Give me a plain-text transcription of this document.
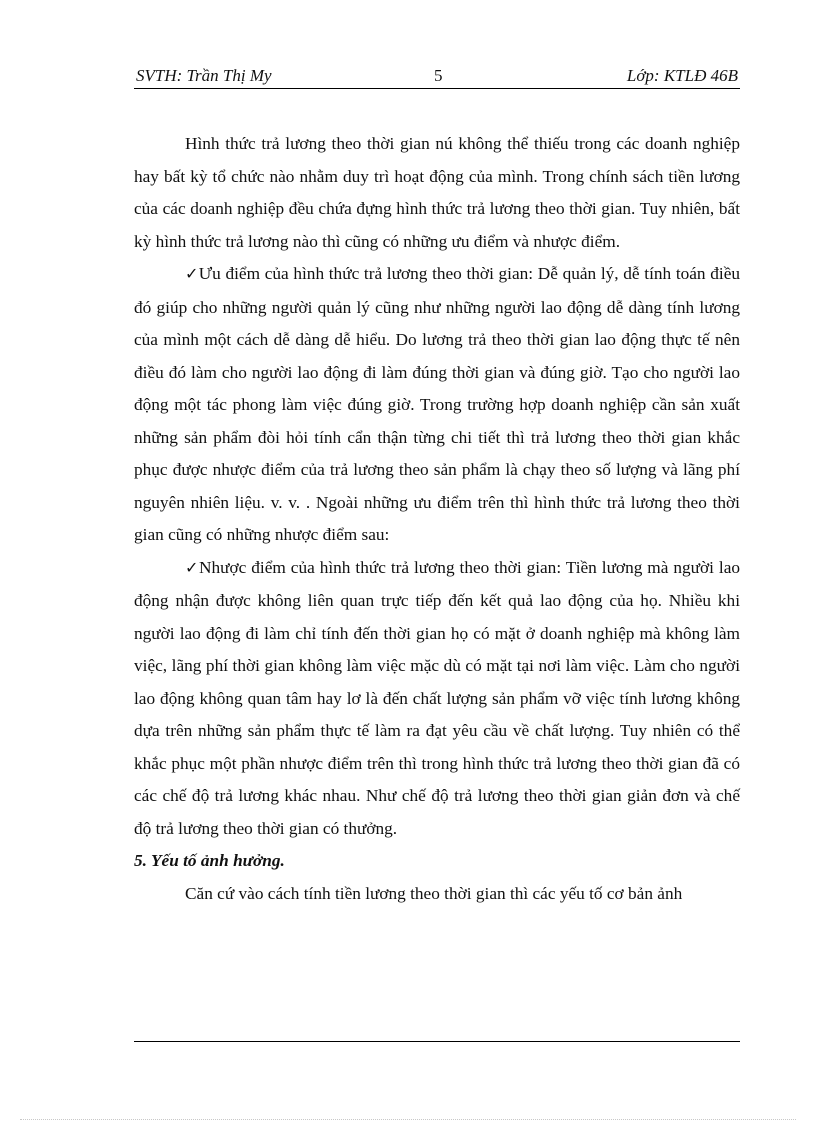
SVTH: Trần Thị My	5	Lớp: KTLĐ 46B

Hình thức trả lương theo thời gian nú không thể thiếu trong các doanh nghiệp hay bất kỳ tổ chức nào nhằm duy trì hoạt động của mình. Trong chính sách tiền lương của các doanh nghiệp đều chứa đựng hình thức trả lương theo thời gian. Tuy nhiên, bất kỳ hình thức trả lương nào thì cũng có những ưu điểm và nhược điểm.

✓Ưu điểm của hình thức trả lương theo thời gian: Dễ quản lý, dễ tính toán điều đó giúp cho những người quản lý cũng như những người lao động dễ dàng tính lương của mình một cách dễ dàng dễ hiểu. Do lương trả theo thời gian lao động thực tế nên điều đó làm cho người lao động đi làm đúng thời gian và đúng giờ. Tạo cho người lao động một tác phong làm việc đúng giờ. Trong trường hợp doanh nghiệp cần sản xuất những sản phẩm đòi hỏi tính cẩn thận từng chi tiết thì trả lương theo thời gian khắc phục được nhược điểm của trả lương theo sản phẩm là chạy theo số lượng và lãng phí nguyên nhiên liệu. v. v. . Ngoài những ưu điểm trên thì hình thức trả lương theo thời gian cũng có những nhược điểm sau:

✓Nhược điểm của hình thức trả lương theo thời gian: Tiền lương mà người lao động nhận được không liên quan trực tiếp đến kết quả lao động của họ. Nhiều khi người lao động đi làm chỉ tính đến thời gian họ có mặt ở doanh nghiệp mà không làm việc, lãng phí thời gian không làm việc mặc dù có mặt tại nơi làm việc. Làm cho người lao động không quan tâm hay lơ là đến chất lượng sản phẩm vỡ việc tính lương không dựa trên những sản phẩm thực tế làm ra đạt yêu cầu về chất lượng. Tuy nhiên có thể khắc phục một phần nhược điểm trên thì trong hình thức trả lương theo thời gian đã có các chế độ trả lương khác nhau. Như chế độ trả lương theo thời gian giản đơn và chế độ trả lương theo thời gian có thưởng.

5. Yếu tố ảnh hưởng.

Căn cứ vào cách tính tiền lương theo thời gian thì các yếu tố cơ bản ảnh
